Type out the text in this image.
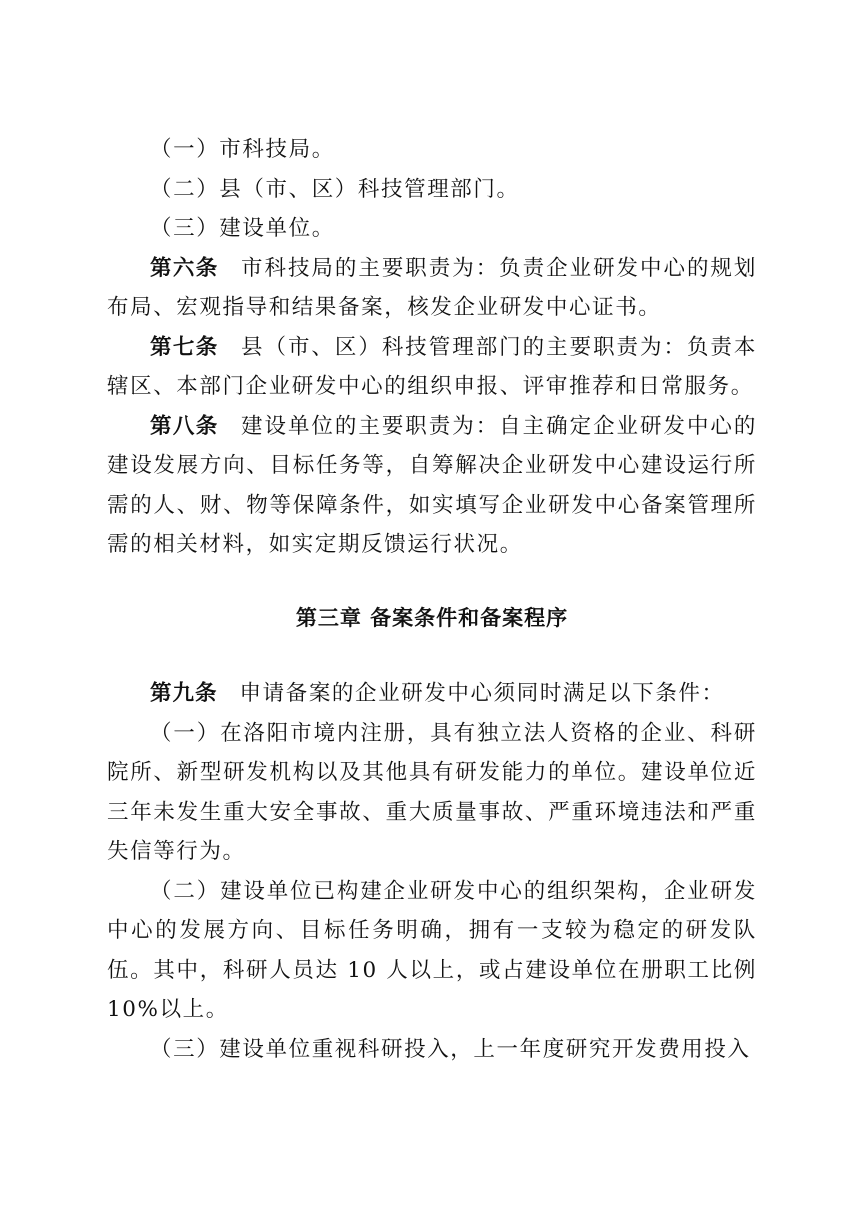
（一）市科技局。

（二）县（市、区）科技管理部门。

（三）建设单位。

第六条 市科技局的主要职责为：负责企业研发中心的规划布局、宏观指导和结果备案，核发企业研发中心证书。

第七条 县（市、区）科技管理部门的主要职责为：负责本辖区、本部门企业研发中心的组织申报、评审推荐和日常服务。

第八条 建设单位的主要职责为：自主确定企业研发中心的建设发展方向、目标任务等，自筹解决企业研发中心建设运行所需的人、财、物等保障条件，如实填写企业研发中心备案管理所需的相关材料，如实定期反馈运行状况。

第三章 备案条件和备案程序

第九条 申请备案的企业研发中心须同时满足以下条件：

（一）在洛阳市境内注册，具有独立法人资格的企业、科研院所、新型研发机构以及其他具有研发能力的单位。建设单位近三年未发生重大安全事故、重大质量事故、严重环境违法和严重失信等行为。

（二）建设单位已构建企业研发中心的组织架构，企业研发中心的发展方向、目标任务明确，拥有一支较为稳定的研发队伍。其中，科研人员达 10 人以上，或占建设单位在册职工比例 10%以上。

（三）建设单位重视科研投入，上一年度研究开发费用投入
